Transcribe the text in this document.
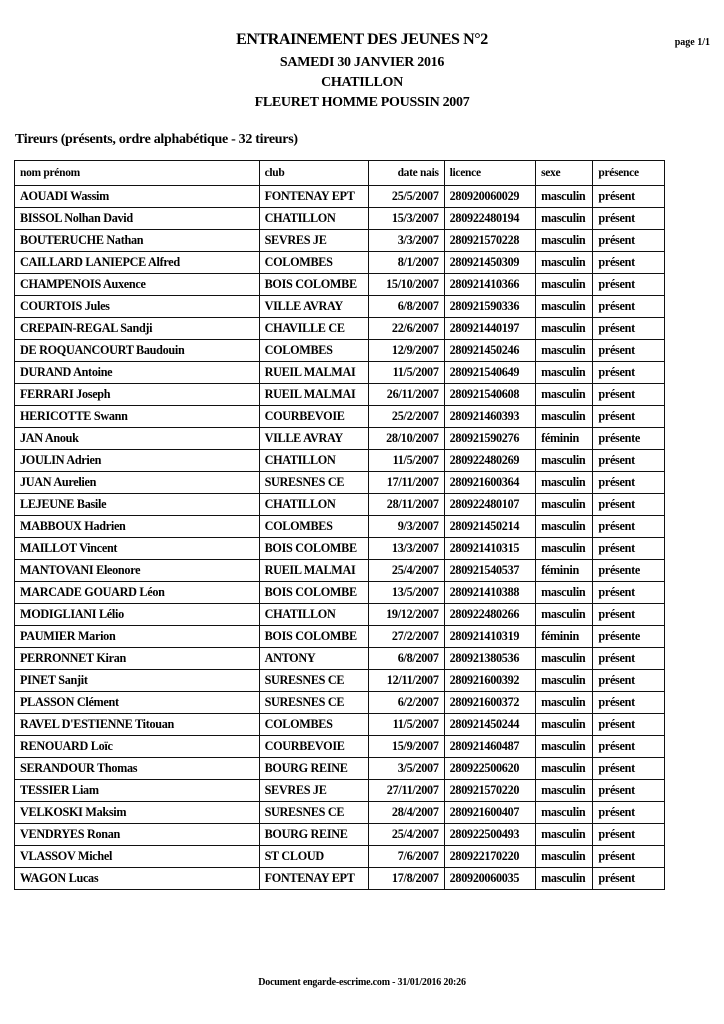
ENTRAINEMENT DES JEUNES N°2
SAMEDI 30 JANVIER 2016
CHATILLON
FLEURET HOMME POUSSIN 2007
page 1/1
Tireurs (présents, ordre alphabétique - 32 tireurs)
nom prénom	club	date nais	licence	sexe	présence
AOUADI Wassim	FONTENAY EPT	25/5/2007	280920060029	masculin	présent
BISSOL Nolhan David	CHATILLON	15/3/2007	280922480194	masculin	présent
BOUTERUCHE Nathan	SEVRES JE	3/3/2007	280921570228	masculin	présent
CAILLARD LANIEPCE Alfred	COLOMBES	8/1/2007	280921450309	masculin	présent
CHAMPENOIS Auxence	BOIS COLOMBE	15/10/2007	280921410366	masculin	présent
COURTOIS Jules	VILLE AVRAY	6/8/2007	280921590336	masculin	présent
CREPAIN-REGAL Sandji	CHAVILLE CE	22/6/2007	280921440197	masculin	présent
DE ROQUANCOURT Baudouin	COLOMBES	12/9/2007	280921450246	masculin	présent
DURAND Antoine	RUEIL MALMAI	11/5/2007	280921540649	masculin	présent
FERRARI Joseph	RUEIL MALMAI	26/11/2007	280921540608	masculin	présent
HERICOTTE Swann	COURBEVOIE	25/2/2007	280921460393	masculin	présent
JAN Anouk	VILLE AVRAY	28/10/2007	280921590276	féminin	présente
JOULIN Adrien	CHATILLON	11/5/2007	280922480269	masculin	présent
JUAN Aurelien	SURESNES CE	17/11/2007	280921600364	masculin	présent
LEJEUNE Basile	CHATILLON	28/11/2007	280922480107	masculin	présent
MABBOUX Hadrien	COLOMBES	9/3/2007	280921450214	masculin	présent
MAILLOT Vincent	BOIS COLOMBE	13/3/2007	280921410315	masculin	présent
MANTOVANI Eleonore	RUEIL MALMAI	25/4/2007	280921540537	féminin	présente
MARCADE GOUARD Léon	BOIS COLOMBE	13/5/2007	280921410388	masculin	présent
MODIGLIANI Lélio	CHATILLON	19/12/2007	280922480266	masculin	présent
PAUMIER Marion	BOIS COLOMBE	27/2/2007	280921410319	féminin	présente
PERRONNET Kiran	ANTONY	6/8/2007	280921380536	masculin	présent
PINET Sanjit	SURESNES CE	12/11/2007	280921600392	masculin	présent
PLASSON Clément	SURESNES CE	6/2/2007	280921600372	masculin	présent
RAVEL D'ESTIENNE Titouan	COLOMBES	11/5/2007	280921450244	masculin	présent
RENOUARD Loïc	COURBEVOIE	15/9/2007	280921460487	masculin	présent
SERANDOUR Thomas	BOURG REINE	3/5/2007	280922500620	masculin	présent
TESSIER Liam	SEVRES JE	27/11/2007	280921570220	masculin	présent
VELKOSKI Maksim	SURESNES CE	28/4/2007	280921600407	masculin	présent
VENDRYES Ronan	BOURG REINE	25/4/2007	280922500493	masculin	présent
VLASSOV Michel	ST CLOUD	7/6/2007	280922170220	masculin	présent
WAGON Lucas	FONTENAY EPT	17/8/2007	280920060035	masculin	présent
Document engarde-escrime.com - 31/01/2016 20:26
